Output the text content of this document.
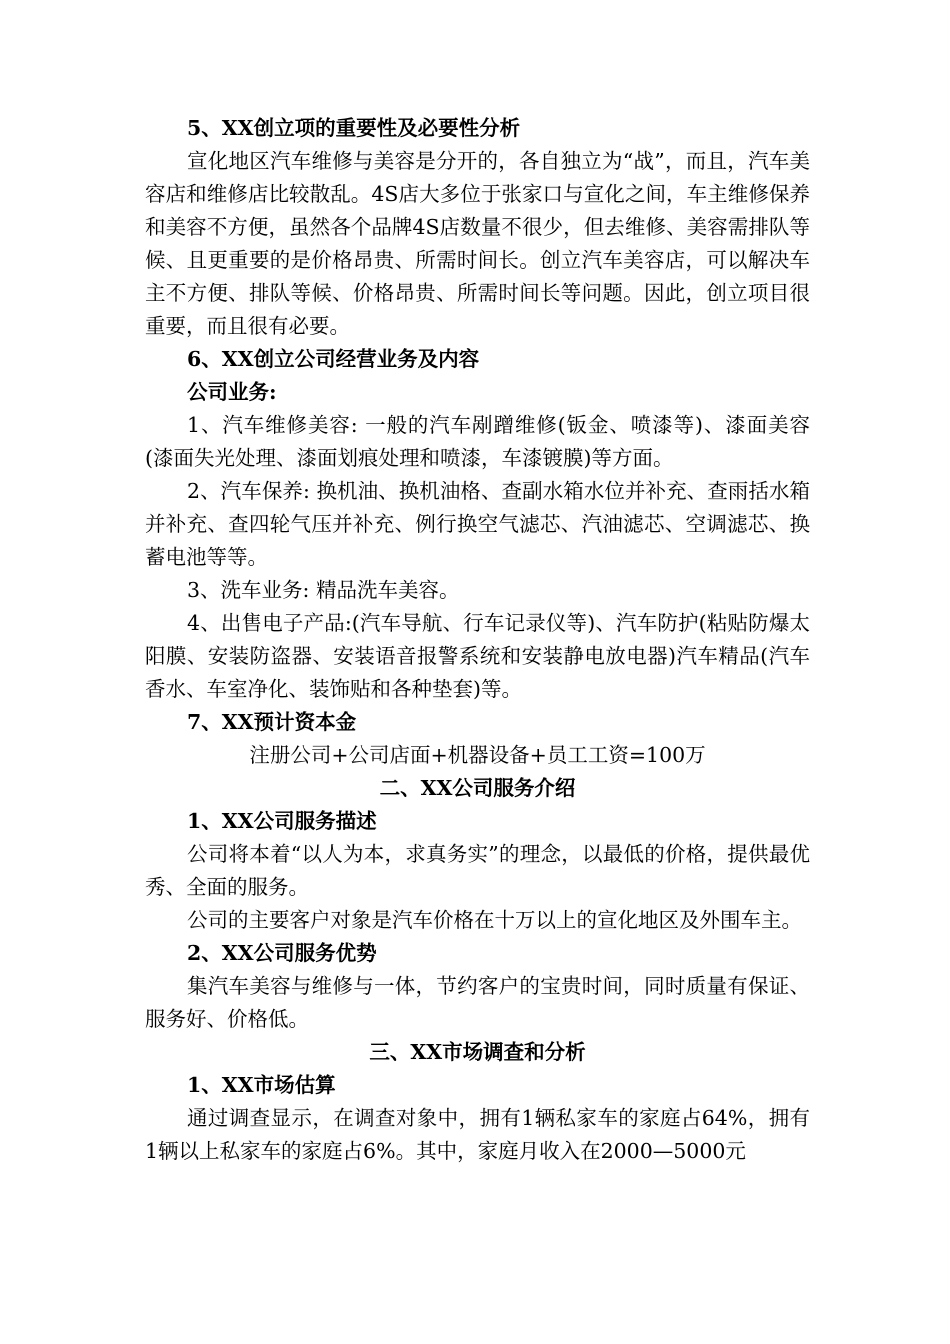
5、XX创立项的重要性及必要性分析
宣化地区汽车维修与美容是分开的，各自独立为“战”，而且，汽车美容店和维修店比较散乱。4S店大多位于张家口与宣化之间，车主维修保养和美容不方便，虽然各个品牌4S店数量不很少，但去维修、美容需排队等候、且更重要的是价格昂贵、所需时间长。创立汽车美容店，可以解决车主不方便、排队等候、价格昂贵、所需时间长等问题。因此，创立项目很重要，而且很有必要。
6、XX创立公司经营业务及内容
公司业务:
1、汽车维修美容: 一般的汽车剐蹭维修(钣金、喷漆等)、漆面美容(漆面失光处理、漆面划痕处理和喷漆，车漆镀膜)等方面。
2、汽车保养: 换机油、换机油格、查副水箱水位并补充、查雨括水箱并补充、查四轮气压并补充、例行换空气滤芯、汽油滤芯、空调滤芯、换蓄电池等等。
3、洗车业务: 精品洗车美容。
4、出售电子产品:(汽车导航、行车记录仪等)、汽车防护(粘贴防爆太阳膜、安装防盗器、安装语音报警系统和安装静电放电器)汽车精品(汽车香水、车室净化、装饰贴和各种垫套)等。
7、XX预计资本金
注册公司+公司店面+机器设备+员工工资=100万
二、XX公司服务介绍
1、XX公司服务描述
公司将本着“以人为本，求真务实”的理念，以最低的价格，提供最优秀、全面的服务。
公司的主要客户对象是汽车价格在十万以上的宣化地区及外围车主。
2、XX公司服务优势
集汽车美容与维修与一体，节约客户的宝贵时间，同时质量有保证、服务好、价格低。
三、XX市场调查和分析
1、XX市场估算
通过调查显示，在调查对象中，拥有1辆私家车的家庭占64%，拥有1辆以上私家车的家庭占6%。其中，家庭月收入在2000—5000元
